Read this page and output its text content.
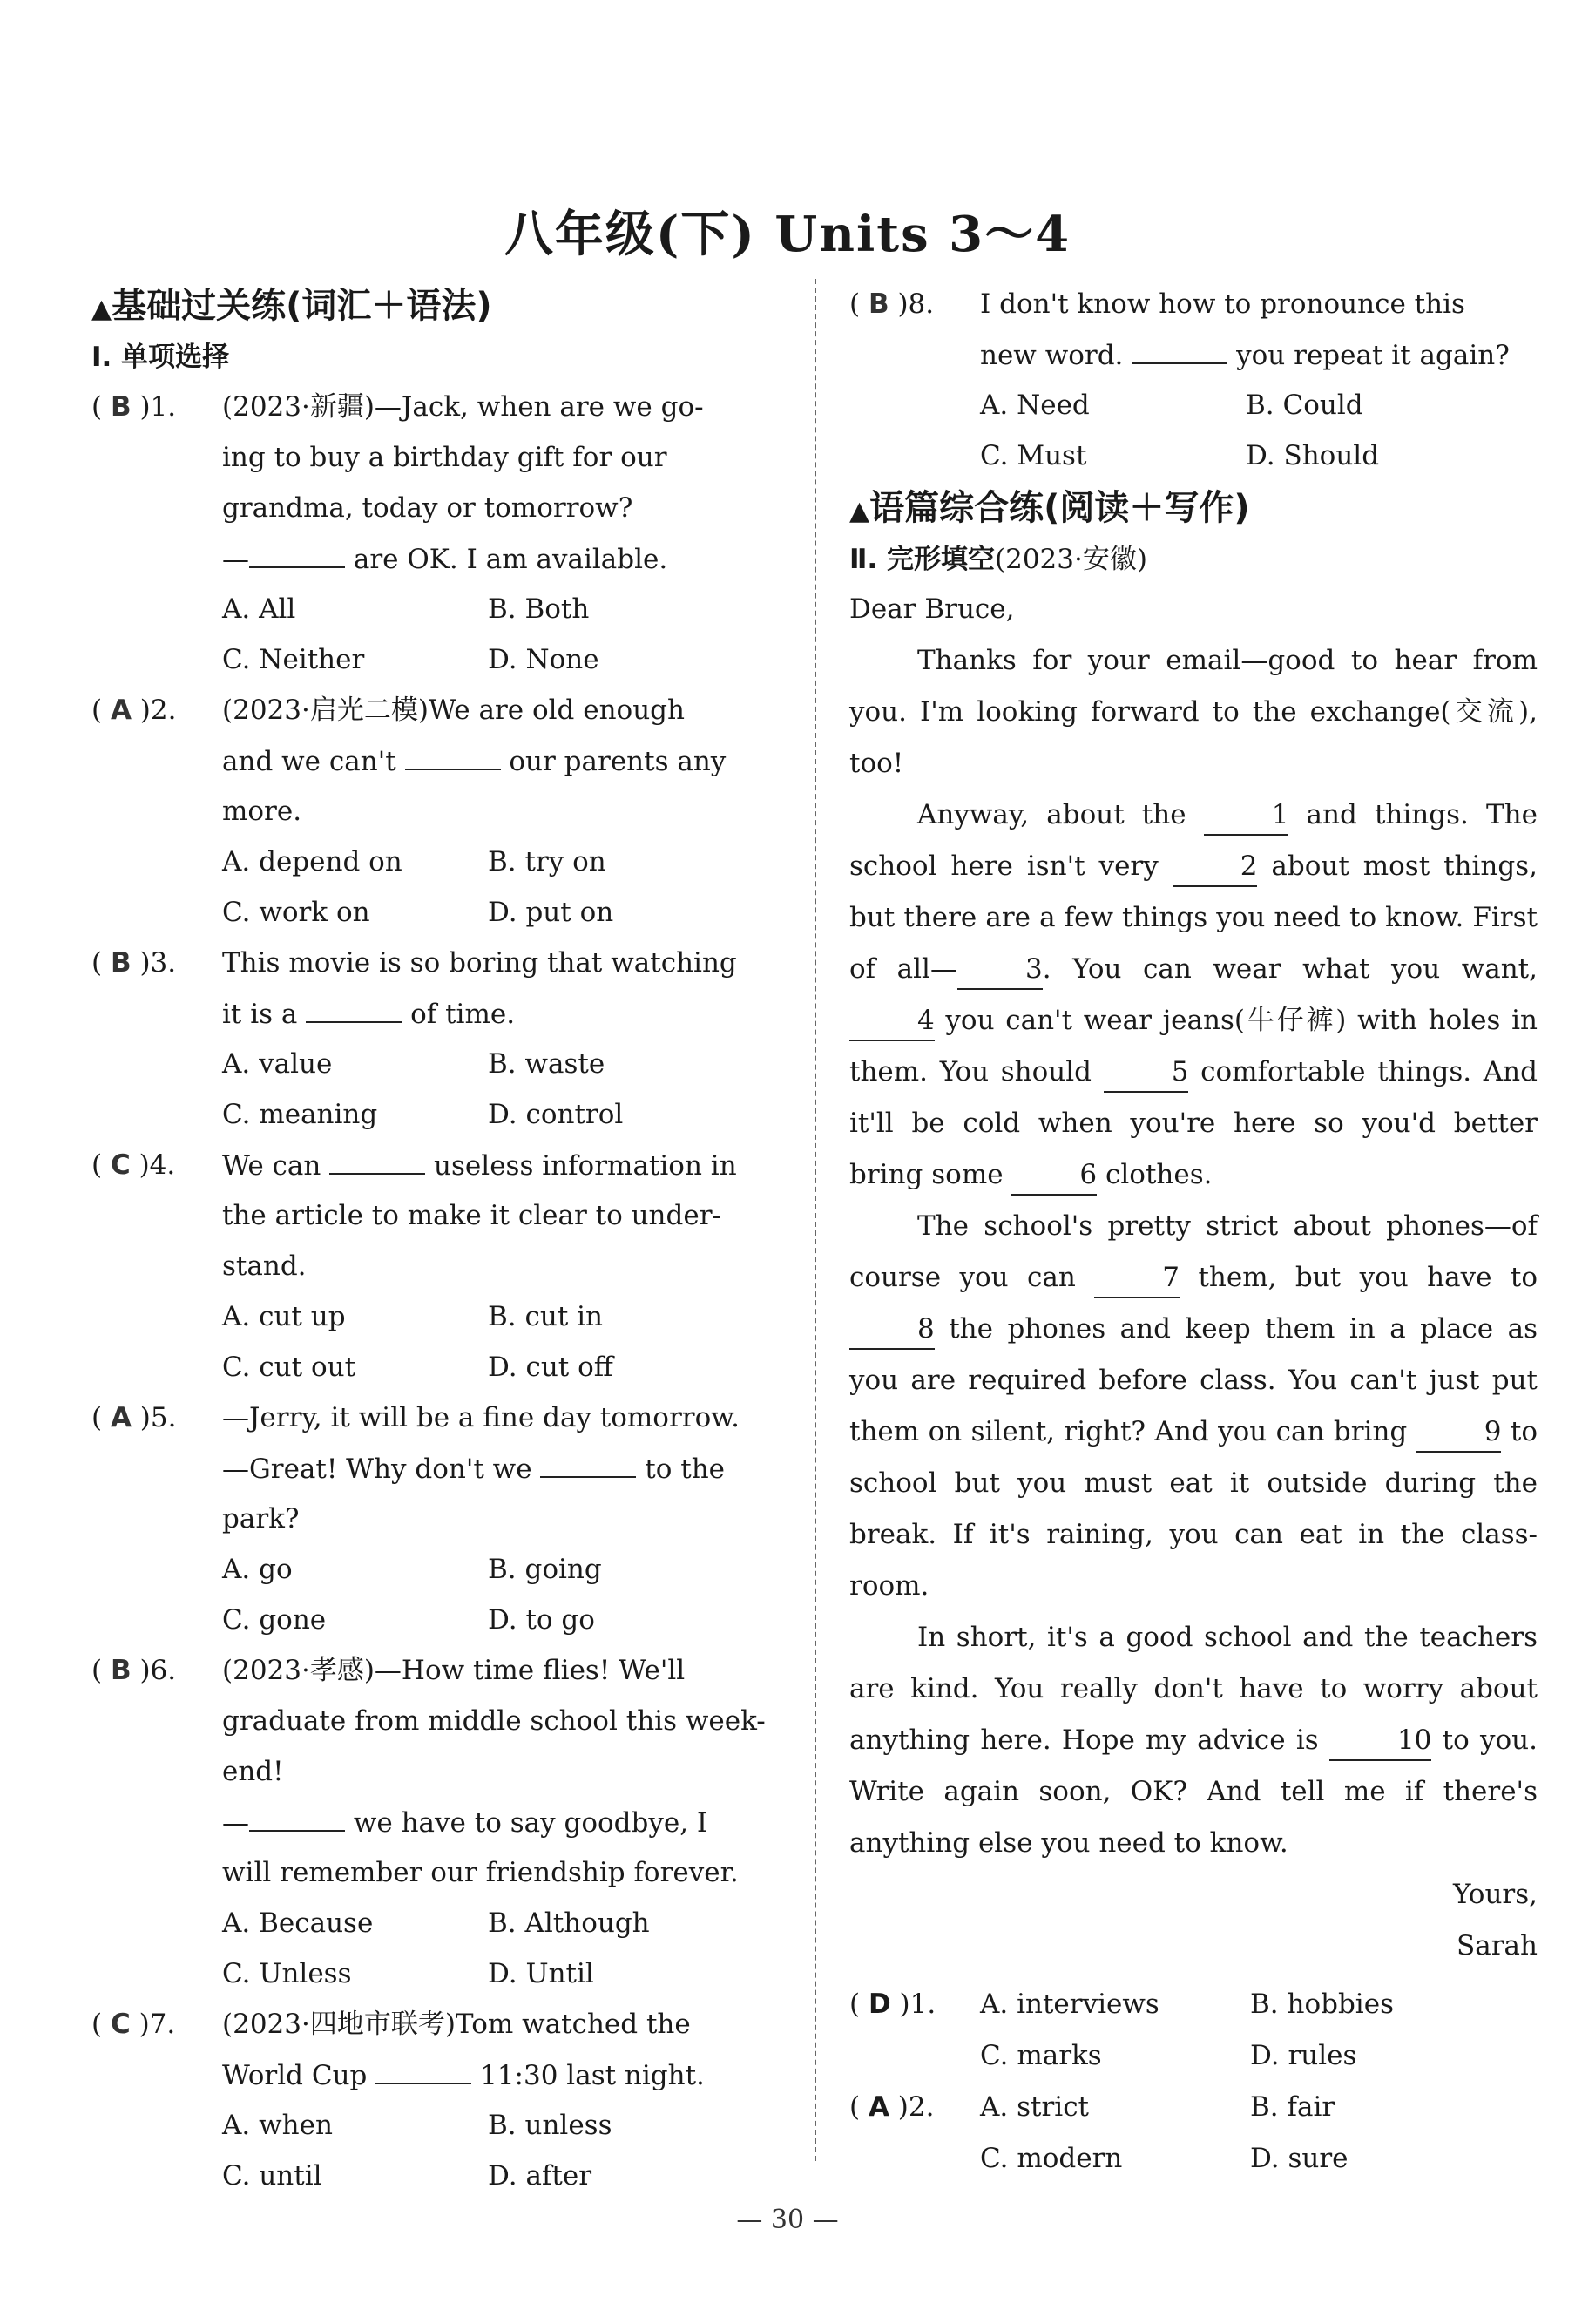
八年级(下) Units 3～4
▲基础过关练(词汇＋语法)
Ⅰ. 单项选择
( B )1.	(2023·新疆)—Jack, when are we go-
ing to buy a birthday gift for our
grandma, today or tomorrow?
—	are OK. I am available.
A. All	B. Both
C. Neither	D. None
( A )2.	(2023·启光二模)We are old enough
and we can't	our parents any
more.
A. depend on	B. try on
C. work on	D. put on
( B )3.	This movie is so boring that watching
it is a	of time.
A. value	B. waste
C. meaning	D. control
( C )4.	We can	useless information in
the article to make it clear to under-
stand.
A. cut up	B. cut in
C. cut out	D. cut off
( A )5.	—Jerry, it will be a fine day tomorrow.
—Great! Why don't we	to the
park?
A. go	B. going
C. gone	D. to go
( B )6.	(2023·孝感)—How time flies! We'll
graduate from middle school this week-
end!
—	we have to say goodbye, I
will remember our friendship forever.
A. Because	B. Although
C. Unless	D. Until
( C )7.	(2023·四地市联考)Tom watched the
World Cup	11:30 last night.
A. when	B. unless
C. until	D. after
( B )8.	I don't know how to pronounce this
new word.	you repeat it again?
A. Need	B. Could
C. Must	D. Should
▲语篇综合练(阅读＋写作)
Ⅱ. 完形填空(2023·安徽)
Dear Bruce,
Thanks for your email—good to hear from you. I'm looking forward to the exchange(交流), too!
Anyway, about the	1 and things. The school here isn't very	2 about most things, but there are a few things you need to know. First of all—	3. You can wear what you want, 4 you can't wear jeans(牛仔裤) with holes in them. You should	5 comfortable things. And it'll be cold when you're here so you'd better bring some	6 clothes.
The school's pretty strict about phones—of course you can	7 them, but you have to 8 the phones and keep them in a place as you are required before class. You can't just put them on silent, right? And you can bring	9 to school but you must eat it outside during the break. If it's raining, you can eat in the class-room.
In short, it's a good school and the teachers are kind. You really don't have to worry about anything here. Hope my advice is	10 to you. Write again soon, OK? And tell me if there's anything else you need to know.
Yours,
Sarah
( D )1. A. interviews	B. hobbies
C. marks	D. rules
( A )2. A. strict	B. fair
C. modern	D. sure
— 30 —
